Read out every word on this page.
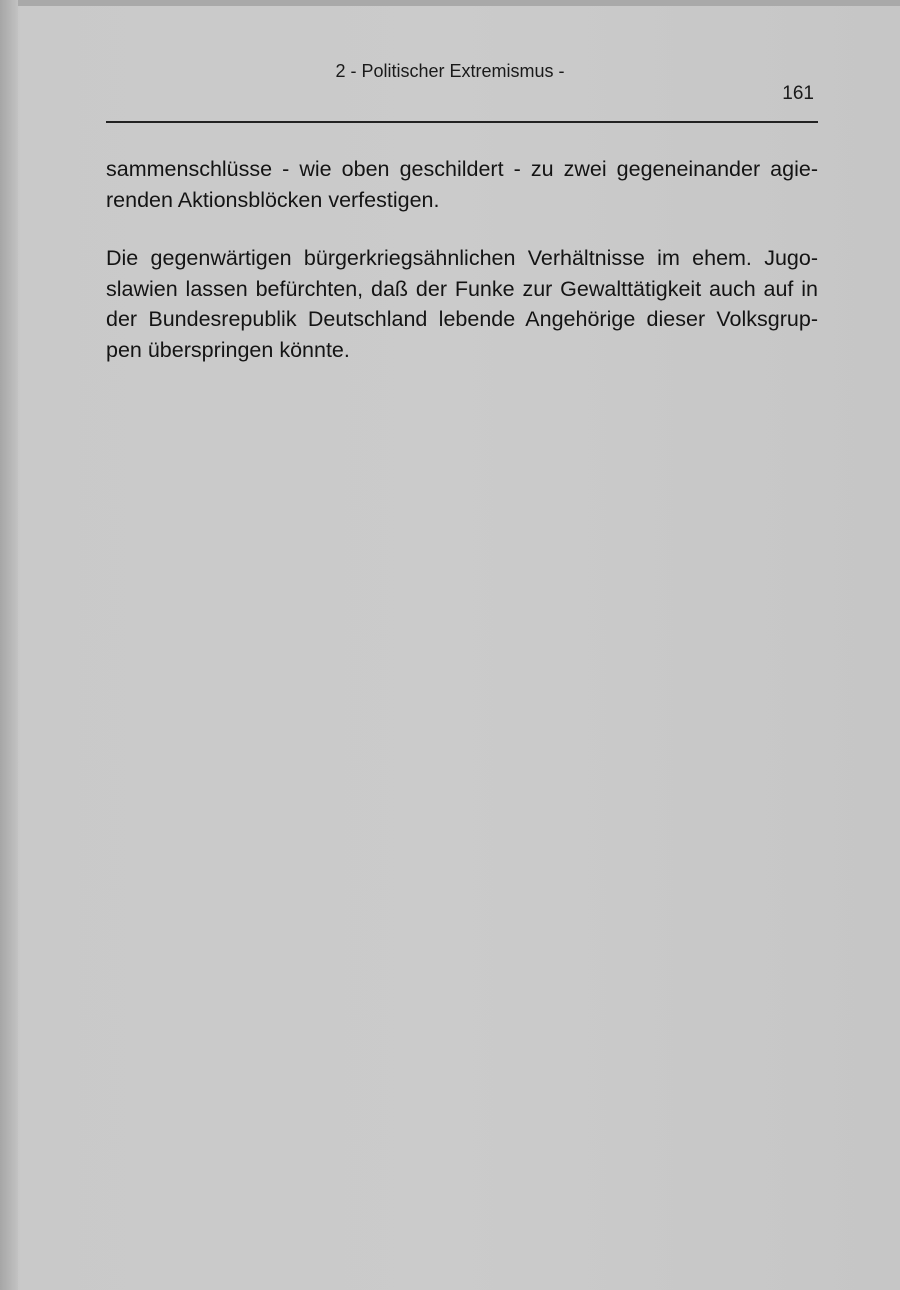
2 - Politischer Extremismus -
161

sammenschlüsse - wie oben geschildert - zu zwei gegeneinander agie-
renden Aktionsblöcken verfestigen.

Die gegenwärtigen bürgerkriegsähnlichen Verhältnisse im ehem. Jugo-
slawien lassen befürchten, daß der Funke zur Gewalttätigkeit auch auf in
der Bundesrepublik Deutschland lebende Angehörige dieser Volksgrup-
pen überspringen könnte.
